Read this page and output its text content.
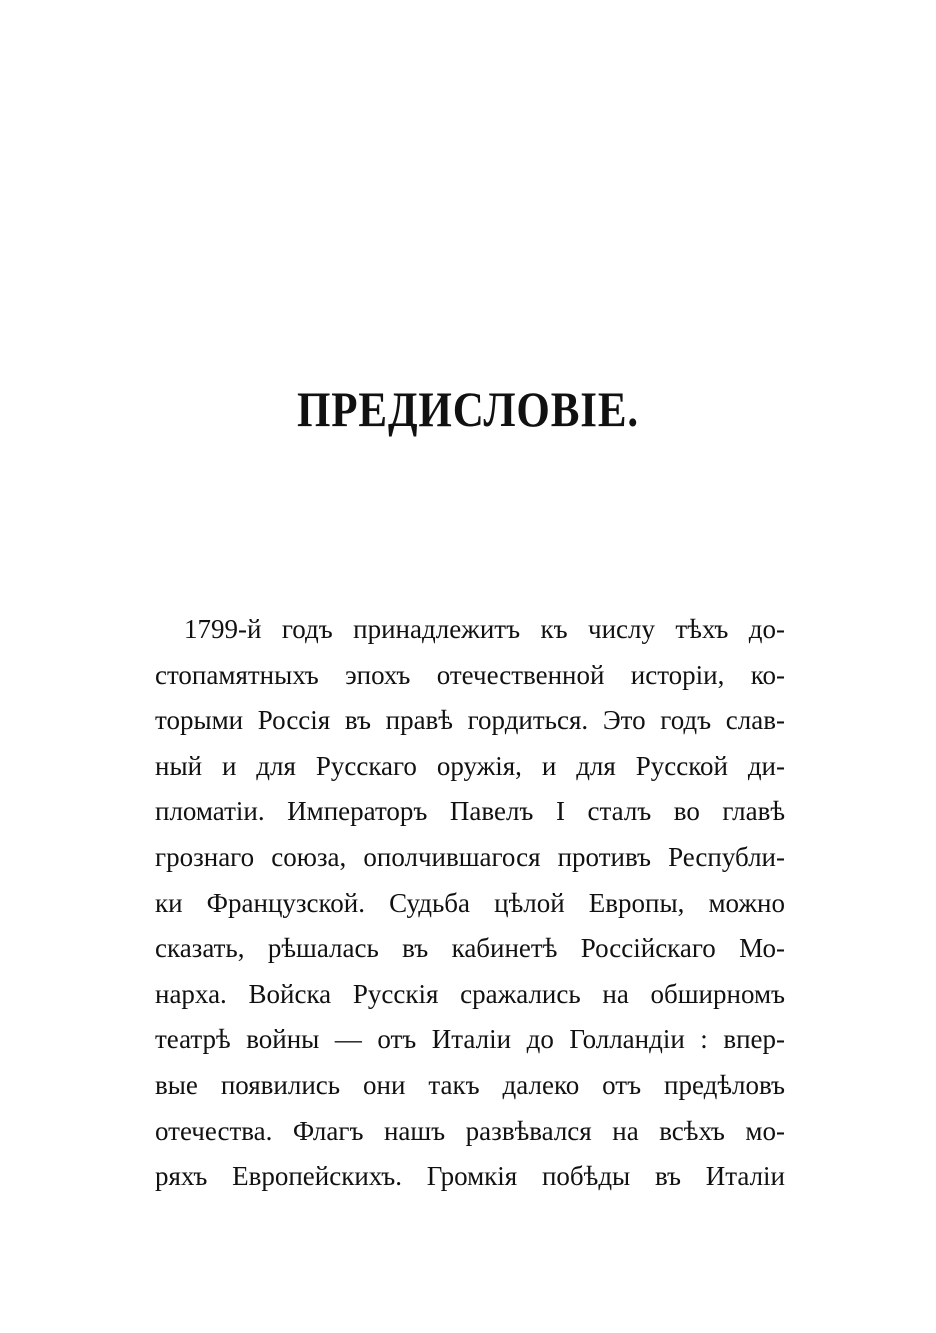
ПРЕДИСЛОВІЕ.
1799-й годъ принадлежитъ къ числу тѣхъ до-
стопамятныхъ эпохъ отечественной исторіи, ко-
торыми Россія въ правѣ гордиться. Это годъ слав-
ный и для Русскаго оружія, и для Русской ди-
пломатіи. Императоръ Павелъ I сталъ во главѣ
грознаго союза, ополчившагося противъ Республи-
ки Французской. Судьба цѣлой Европы, можно
сказать, рѣшалась въ кабинетѣ Россійскаго Мо-
нарха. Войска Русскія сражались на обширномъ
театрѣ войны — отъ Италіи до Голландіи : впер-
вые появились они такъ далеко отъ предѣловъ
отечества. Флагъ нашъ развѣвался на всѣхъ мо-
ряхъ Европейскихъ. Громкія побѣды въ Италіи
